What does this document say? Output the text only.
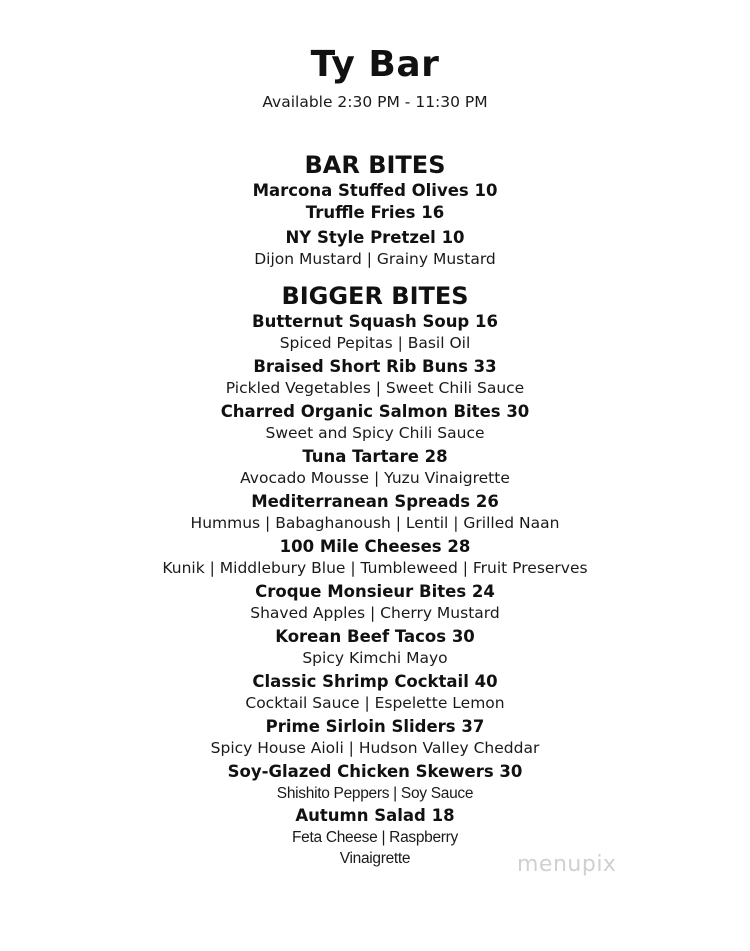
Ty Bar
Available 2:30 PM - 11:30 PM
BAR BITES
Marcona Stuffed Olives 10
Truffle Fries 16
NY Style Pretzel 10
Dijon Mustard | Grainy Mustard
BIGGER BITES
Butternut Squash Soup 16
Spiced Pepitas | Basil Oil
Braised Short Rib Buns 33
Pickled Vegetables | Sweet Chili Sauce
Charred Organic Salmon Bites 30
Sweet and Spicy Chili Sauce
Tuna Tartare 28
Avocado Mousse | Yuzu Vinaigrette
Mediterranean Spreads 26
Hummus | Babaghanoush | Lentil | Grilled Naan
100 Mile Cheeses 28
Kunik | Middlebury Blue | Tumbleweed | Fruit Preserves
Croque Monsieur Bites 24
Shaved Apples | Cherry Mustard
Korean Beef Tacos 30
Spicy Kimchi Mayo
Classic Shrimp Cocktail 40
Cocktail Sauce | Espelette Lemon
Prime Sirloin Sliders 37
Spicy House Aioli | Hudson Valley Cheddar
Soy-Glazed Chicken Skewers 30
Shishito Peppers | Soy Sauce
Autumn Salad 18
Feta Cheese | Raspberry
Vinaigrette	menupix
